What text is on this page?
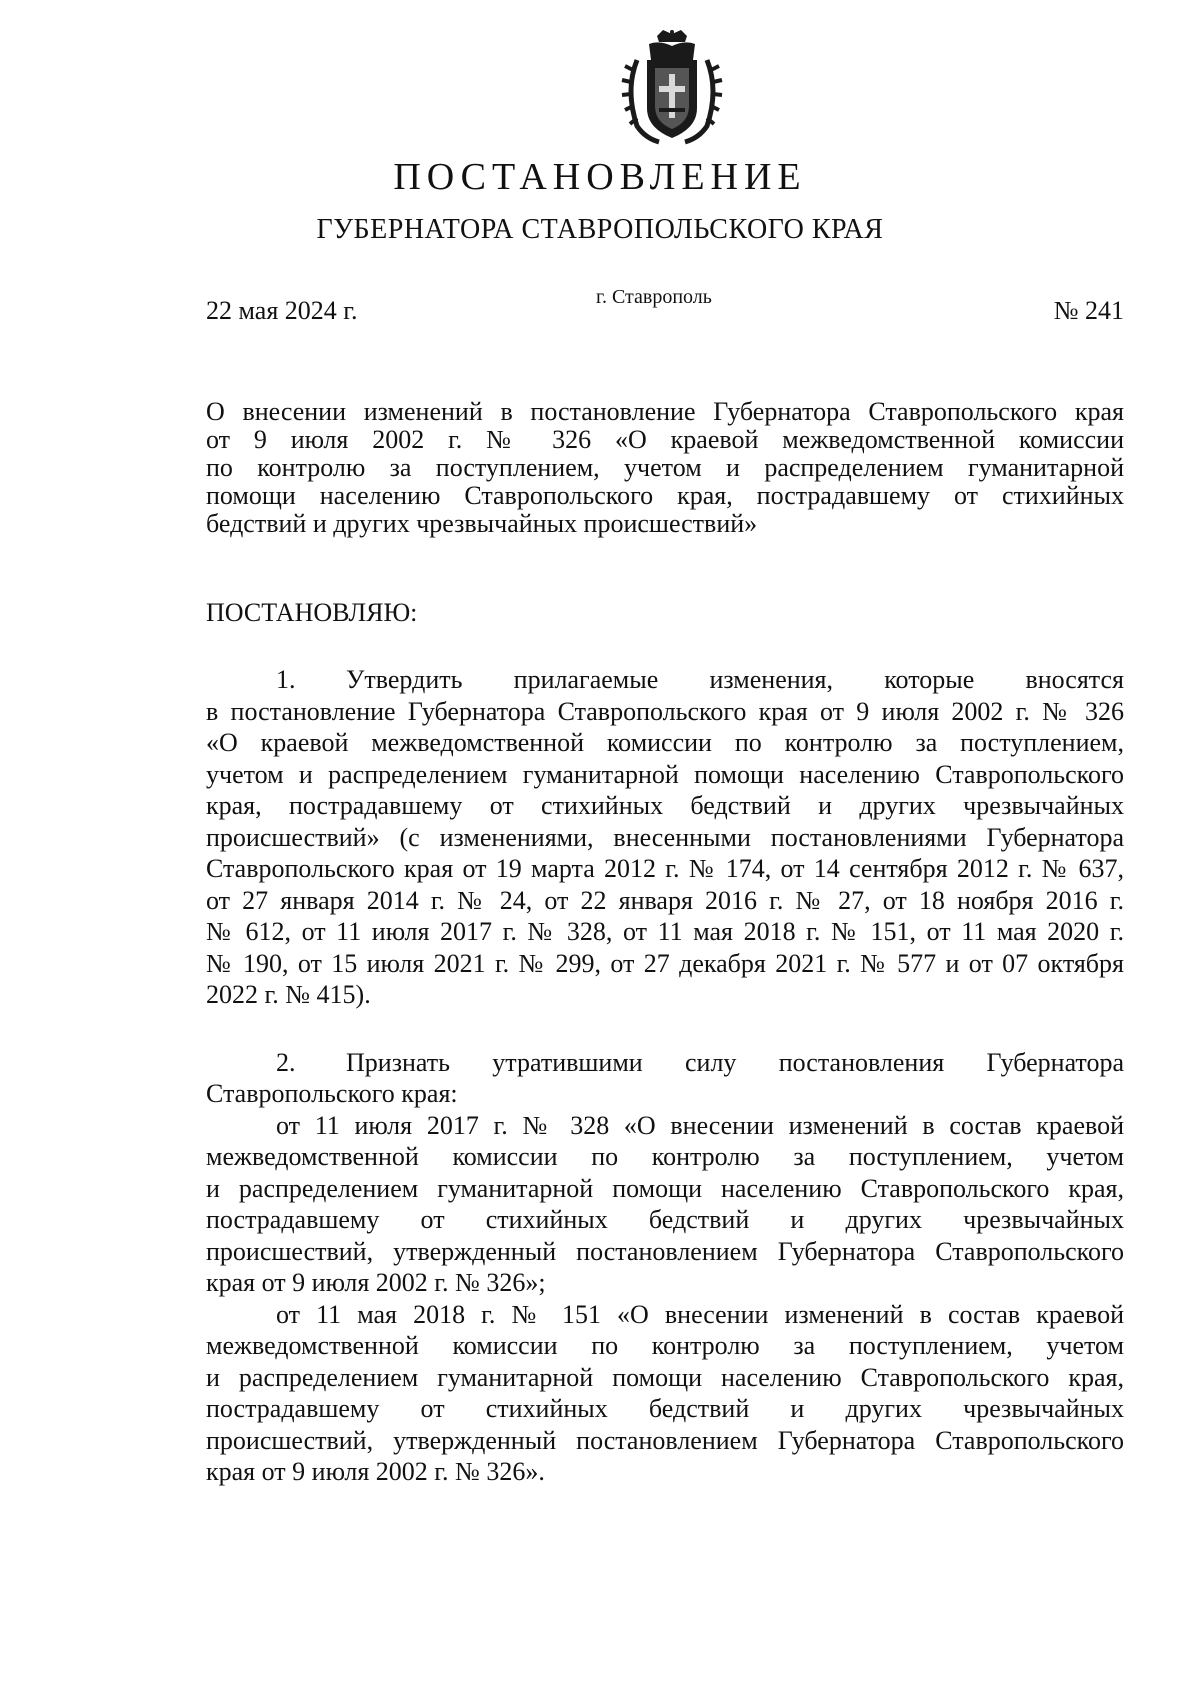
ПОСТАНОВЛЕНИЕ
ГУБЕРНАТОРА СТАВРОПОЛЬСКОГО КРАЯ
22 мая 2024 г.	г. Ставрополь	№ 241
О внесении изменений в постановление Губернатора Ставропольского края
от 9 июля 2002 г. № 326 «О краевой межведомственной комиссии
по контролю за поступлением, учетом и распределением гуманитарной
помощи населению Ставропольского края, пострадавшему от стихийных
бедствий и других чрезвычайных происшествий»
ПОСТАНОВЛЯЮ:
1. Утвердить прилагаемые изменения, которые вносятся
в постановление Губернатора Ставропольского края от 9 июля 2002 г. № 326
«О краевой межведомственной комиссии по контролю за поступлением,
учетом и распределением гуманитарной помощи населению Ставропольского
края, пострадавшему от стихийных бедствий и других чрезвычайных
происшествий» (с изменениями, внесенными постановлениями Губернатора
Ставропольского края от 19 марта 2012 г. № 174, от 14 сентября 2012 г. № 637,
от 27 января 2014 г. № 24, от 22 января 2016 г. № 27, от 18 ноября 2016 г.
№ 612, от 11 июля 2017 г. № 328, от 11 мая 2018 г. № 151, от 11 мая 2020 г.
№ 190, от 15 июля 2021 г. № 299, от 27 декабря 2021 г. № 577 и от 07 октября
2022 г. № 415).
2. Признать утратившими силу постановления Губернатора
Ставропольского края:
от 11 июля 2017 г. № 328 «О внесении изменений в состав краевой
межведомственной комиссии по контролю за поступлением, учетом
и распределением гуманитарной помощи населению Ставропольского края,
пострадавшему от стихийных бедствий и других чрезвычайных
происшествий, утвержденный постановлением Губернатора Ставропольского
края от 9 июля 2002 г. № 326»;
от 11 мая 2018 г. № 151 «О внесении изменений в состав краевой
межведомственной комиссии по контролю за поступлением, учетом
и распределением гуманитарной помощи населению Ставропольского края,
пострадавшему от стихийных бедствий и других чрезвычайных
происшествий, утвержденный постановлением Губернатора Ставропольского
края от 9 июля 2002 г. № 326».
